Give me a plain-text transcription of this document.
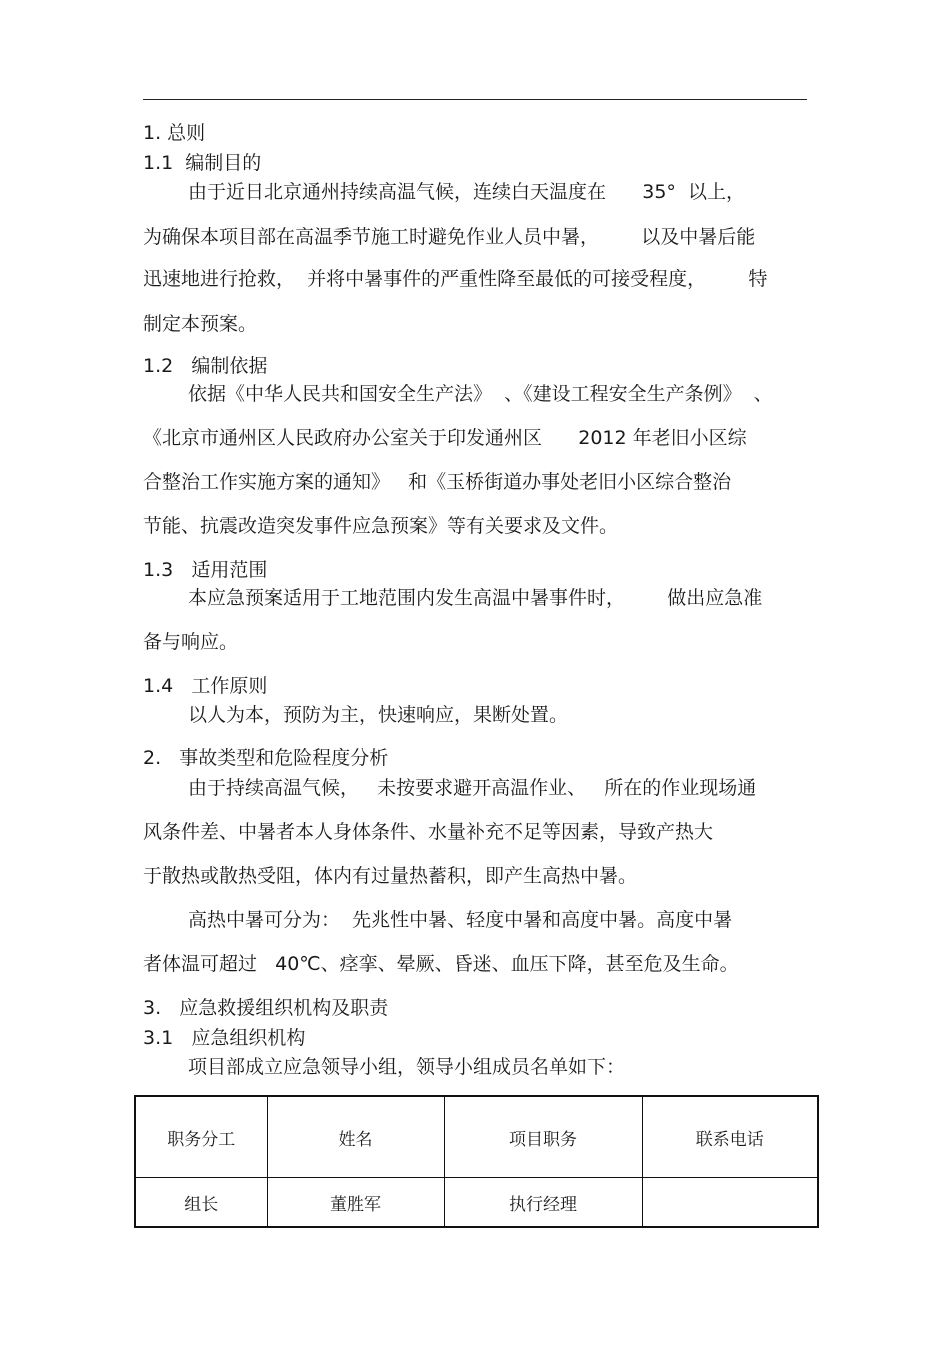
1. 总则
1.1  编制目的
由于近日北京通州持续高温气候，连续白天温度在      35°  以上，
为确保本项目部在高温季节施工时避免作业人员中暑，       以及中暑后能
迅速地进行抢救，  并将中暑事件的严重性降至最低的可接受程度，       特
制定本预案。
1.2   编制依据
依据《中华人民共和国安全生产法》  、《建设工程安全生产条例》  、
《北京市通州区人民政府办公室关于印发通州区      2012 年老旧小区综
合整治工作实施方案的通知》   和《玉桥街道办事处老旧小区综合整治
节能、抗震改造突发事件应急预案》等有关要求及文件。
1.3   适用范围
本应急预案适用于工地范围内发生高温中暑事件时，       做出应急准
备与响应。
1.4   工作原则
以人为本，预防为主，快速响应，果断处置。
2.   事故类型和危险程度分析
由于持续高温气候，   未按要求避开高温作业、   所在的作业现场通
风条件差、中暑者本人身体条件、水量补充不足等因素，导致产热大
于散热或散热受阻，体内有过量热蓄积，即产生高热中暑。
高热中暑可分为：  先兆性中暑、轻度中暑和高度中暑。高度中暑
者体温可超过   40℃、痉挛、晕厥、昏迷、血压下降，甚至危及生命。
3.   应急救援组织机构及职责
3.1   应急组织机构
项目部成立应急领导小组，领导小组成员名单如下：
职务分工	姓名	项目职务	联系电话
组长	董胜军	执行经理	
